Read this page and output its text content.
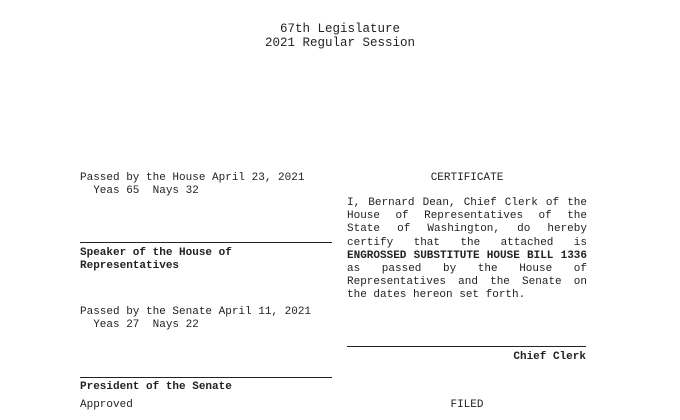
67th Legislature
2021 Regular Session
Passed by the House April 23, 2021
Yeas 65  Nays 32
Speaker of the House of
Representatives
Passed by the Senate April 11, 2021
Yeas 27  Nays 22
President of the Senate
Approved
CERTIFICATE
I, Bernard Dean, Chief Clerk of the House of Representatives of the State of Washington, do hereby certify that the attached is ENGROSSED SUBSTITUTE HOUSE BILL 1336 as passed by the House of Representatives and the Senate on the dates hereon set forth.
Chief Clerk
FILED
